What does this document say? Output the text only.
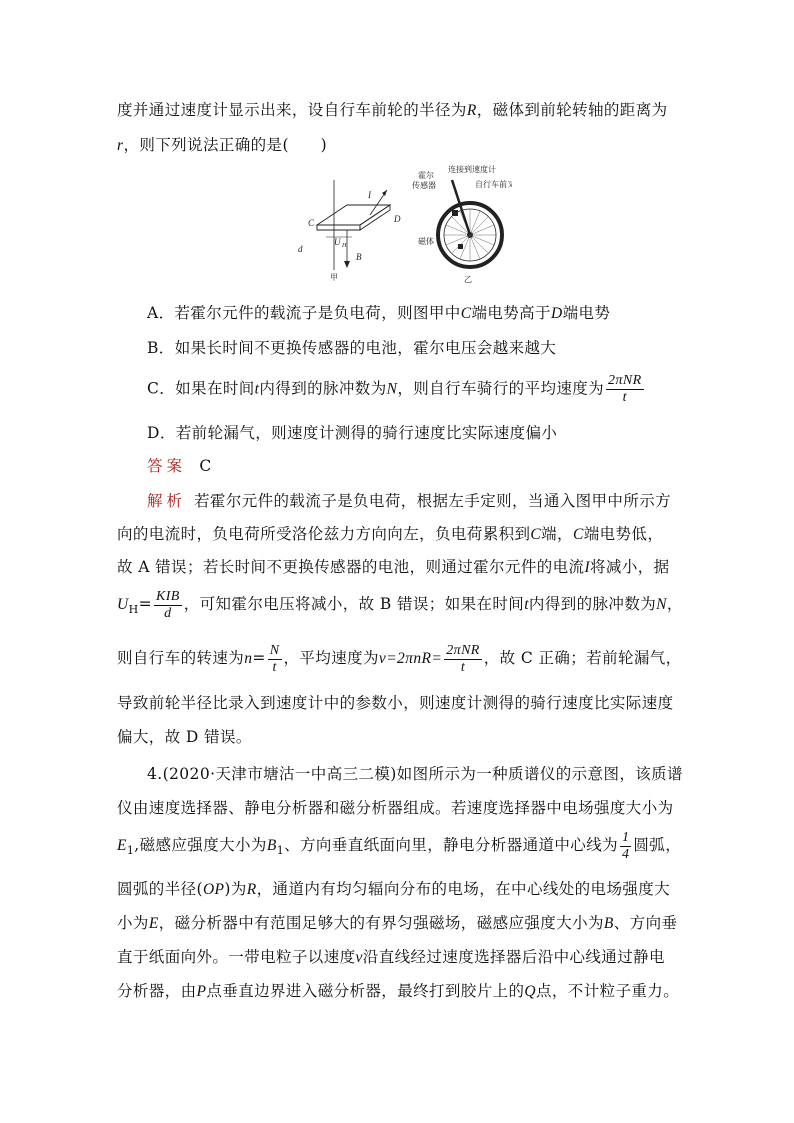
度并通过速度计显示出来，设自行车前轮的半径为R，磁体到前轮转轴的距离为
r，则下列说法正确的是(　　)
C	D
I
B
d
U H
甲
霍尔
传感器
连接到速度计
自行车前叉
磁体
乙
A．若霍尔元件的载流子是负电荷，则图甲中C端电势高于D端电势
B．如果长时间不更换传感器的电池，霍尔电压会越来越大
C．如果在时间t内得到的脉冲数为N，则自行车骑行的平均速度为 $\frac{\text{2πNR}}{t}$
D．若前轮漏气，则速度计测得的骑行速度比实际速度偏小
答案 C
解析 若霍尔元件的载流子是负电荷，根据左手定则，当通入图甲中所示方
向的电流时，负电荷所受洛伦兹力方向向左，负电荷累积到C端，C端电势低，
故 A 错误；若长时间不更换传感器的电池，则通过霍尔元件的电流I将减小，据
$U_H= \frac{\text{KIB}}{d}$ ，可知霍尔电压将减小，故 B 错误；如果在时间t内得到的脉冲数为N，
则自行车的转速为$n= \frac{N}{t}$ ，平均速度为$v=2\pi nR= \frac{\text{2πNR}}{t}$ ，故 C 正确；若前轮漏气，
导致前轮半径比录入到速度计中的参数小，则速度计测得的骑行速度比实际速度
偏大，故 D 错误。
4.(2020·天津市塘沽一中高三二模)如图所示为一种质谱仪的示意图，该质谱
仪由速度选择器、静电分析器和磁分析器组成。若速度选择器中电场强度大小为
$E_1$,磁感应强度大小为$B_1$、方向垂直纸面向里，静电分析器通道中心线为 $\frac{1}{4}$ 圆弧，
圆弧的半径(OP)为R，通道内有均匀辐向分布的电场，在中心线处的电场强度大
小为E，磁分析器中有范围足够大的有界匀强磁场，磁感应强度大小为B、方向垂
直于纸面向外。一带电粒子以速度v沿直线经过速度选择器后沿中心线通过静电
分析器，由P点垂直边界进入磁分析器，最终打到胶片上的Q点，不计粒子重力。
